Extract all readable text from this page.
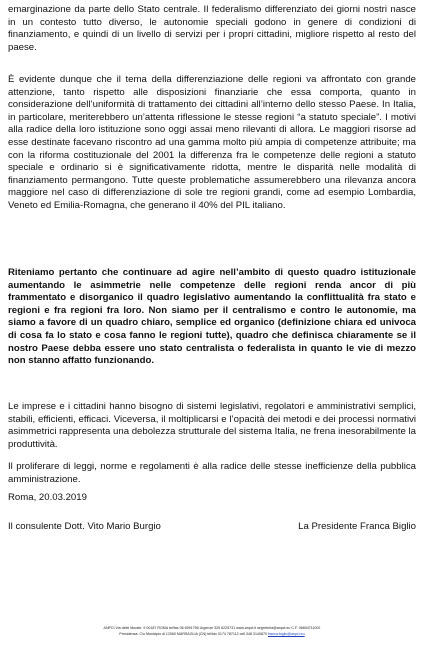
emarginazione da parte dello Stato centrale. Il federalismo differenziato dei giorni nostri nasce in un contesto tutto diverso, le autonomie speciali godono in genere di condizioni di finanziamento, e quindi di un livello di servizi per i propri cittadini, migliore rispetto al resto del paese.

È evidente dunque che il tema della differenziazione delle regioni va affrontato con grande attenzione, tanto rispetto alle disposizioni finanziarie che essa comporta, quanto in considerazione dell’uniformità di trattamento dei cittadini all’interno dello stesso Paese. In Italia, in particolare, meriterebbero un’attenta riflessione le stesse regioni “a statuto speciale”. I motivi alla radice della loro istituzione sono oggi assai meno rilevanti di allora. Le maggiori risorse ad esse destinate facevano riscontro ad una gamma molto più ampia di competenze attribuite; ma con la riforma costituzionale del 2001 la differenza fra le competenze delle regioni a statuto speciale e ordinario si è significativamente ridotta, mentre le disparità nelle modalità di finanziamento permangono. Tutte queste problematiche assumerebbero una rilevanza ancora maggiore nel caso di differenziazione di sole tre regioni grandi, come ad esempio Lombardia, Veneto ed Emilia-Romagna, che generano il 40% del PIL italiano.

Riteniamo pertanto che continuare ad agire nell’ambito di questo quadro istituzionale aumentando le asimmetrie nelle competenze delle regioni renda ancor di più frammentato e disorganico il quadro legislativo aumentando la conflittualità fra stato e regioni e fra regioni fra loro. Non siamo per il centralismo e contro le autonomie, ma siamo a favore di un quadro chiaro, semplice ed organico (definizione chiara ed univoca di cosa fa lo stato e cosa fanno le regioni tutte), quadro che definisca chiaramente se il nostro Paese debba essere uno stato centralista o federalista in quanto le vie di mezzo non stanno affatto funzionando.

Le imprese e i cittadini hanno bisogno di sistemi legislativi, regolatori e amministrativi semplici, stabili, efficienti, efficaci. Viceversa, il moltiplicarsi e l’opacità dei metodi e dei processi normativi asimmetrici rappresenta una debolezza strutturale del sistema Italia, ne frena inesorabilmente la produttività.

Il proliferare di leggi, norme e regolamenti è alla radice delle stesse inefficienze della pubblica amministrazione.

Roma, 20.03.2019
Il consulente Dott. Vito Mario Burgio	La Presidente Franca Biglio
ANPCI Via delle Murate, 9 00187 ROMA tel/fax 06 6991756 Urgenze 329 6225731 www.anpci.it segreteria@anpci.eu C.F. 06894711002
Presidenza: C/o Municipio di 12060 MARSAGLIA (CN) tel/fax 0174 787112 cell 348 3140870 franca.biglio@anpci.eu
